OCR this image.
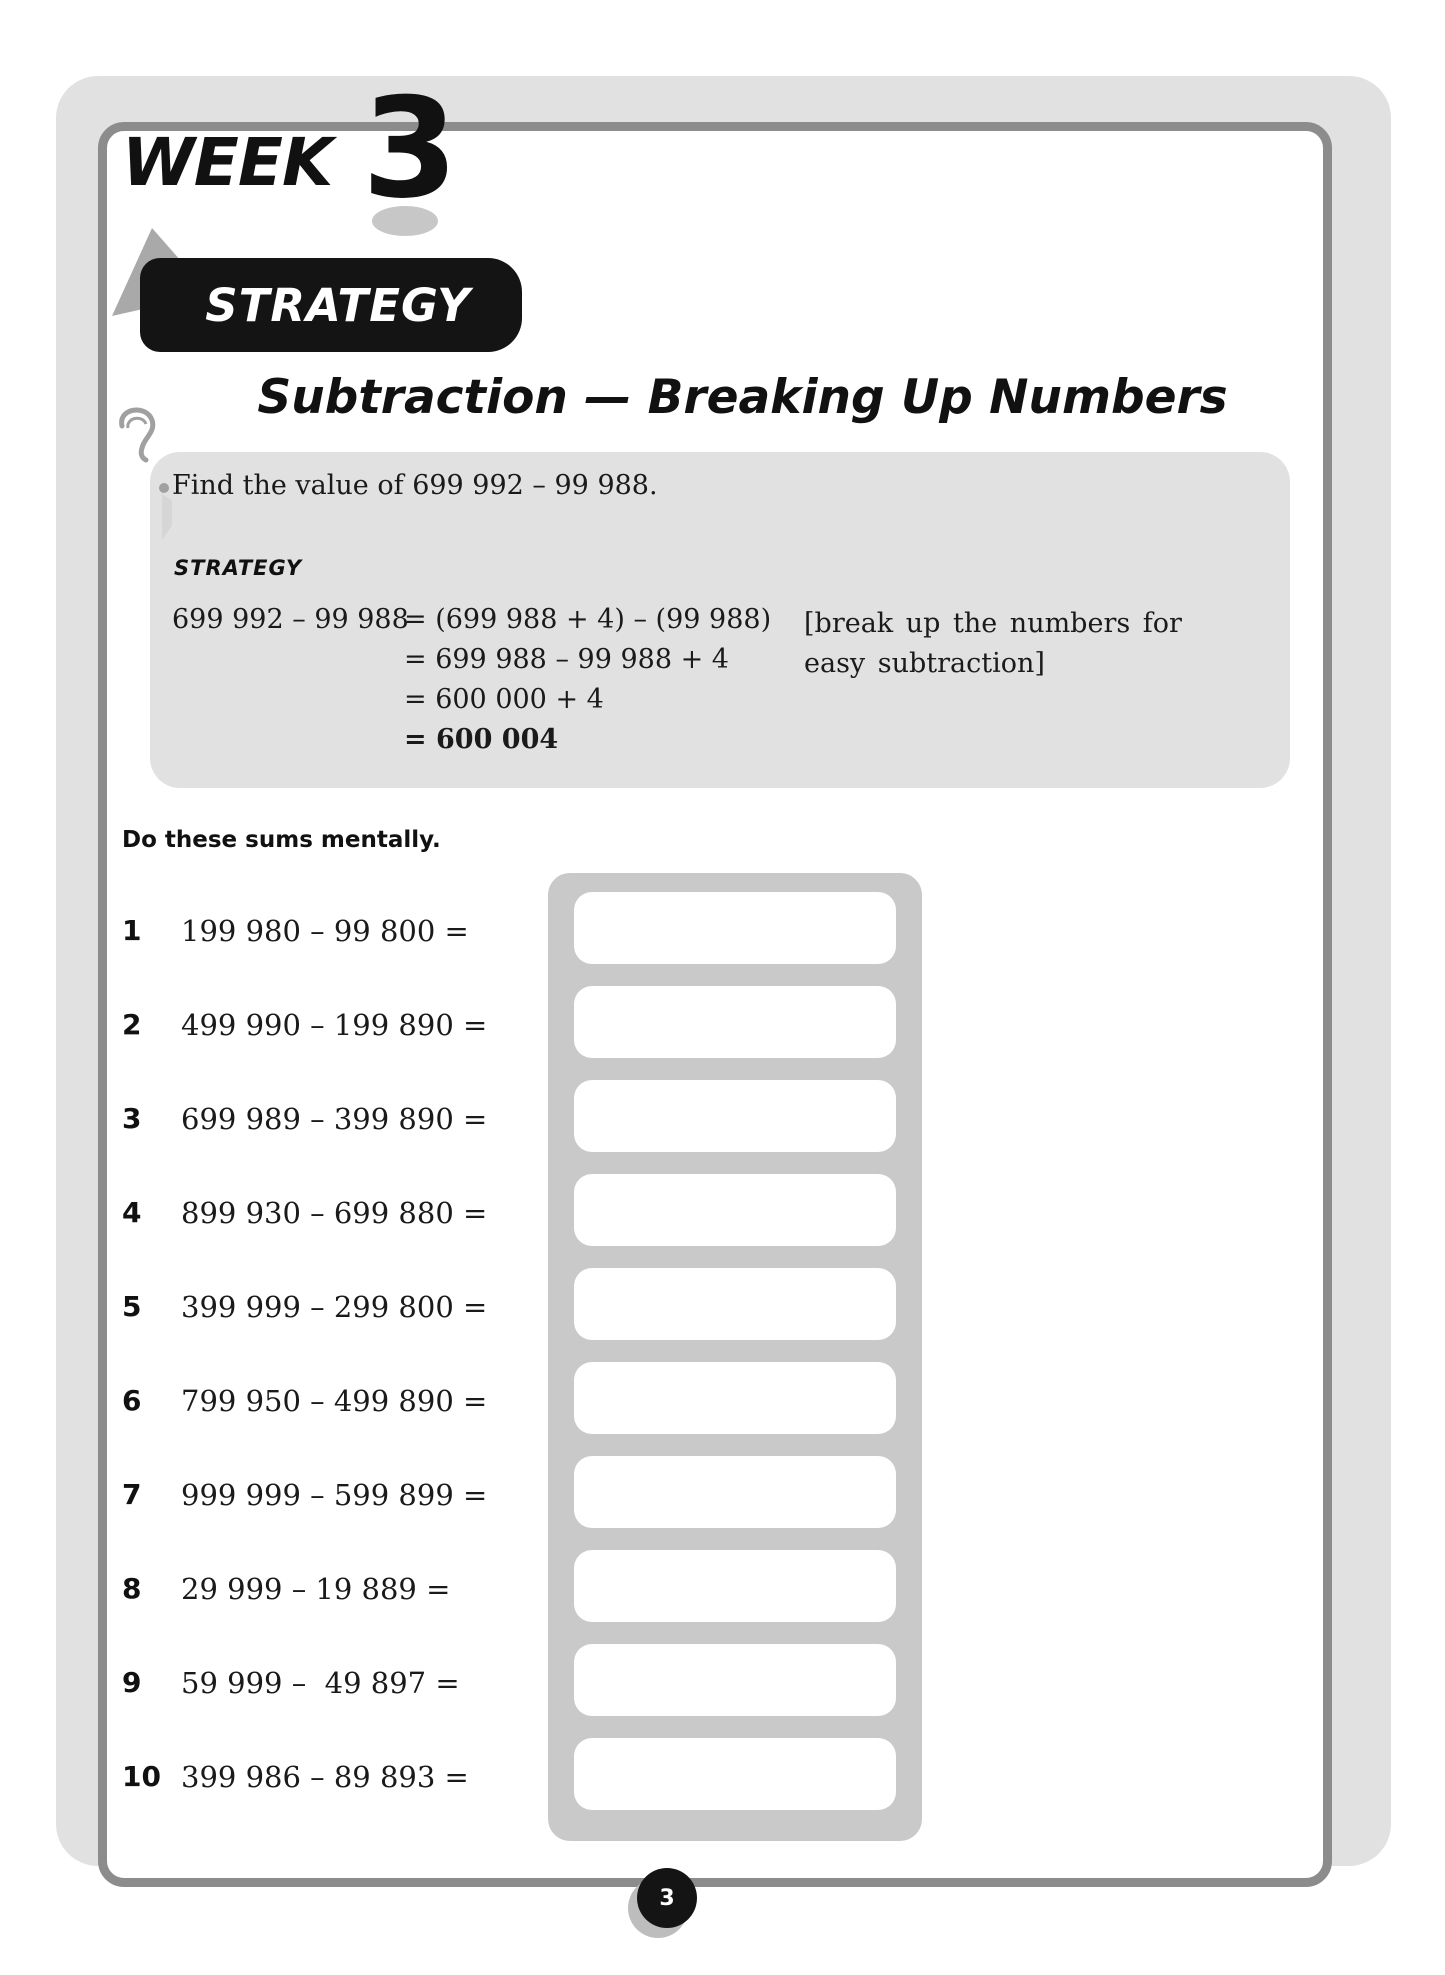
WEEK 3
STRATEGY
Subtraction — Breaking Up Numbers
Find the value of 699 992 – 99 988.
STRATEGY
699 992 – 99 988
= (699 988 + 4) – (99 988)
= 699 988 – 99 988 + 4
= 600 000 + 4
= 600 004
[break up the numbers for easy subtraction]
Do these sums mentally.
1 199 980 – 99 800 =
2 499 990 – 199 890 =
3 699 989 – 399 890 =
4 899 930 – 699 880 =
5 399 999 – 299 800 =
6 799 950 – 499 890 =
7 999 999 – 599 899 =
8 29 999 – 19 889 =
9 59 999 –  49 897 =
10 399 986 – 89 893 =
3
